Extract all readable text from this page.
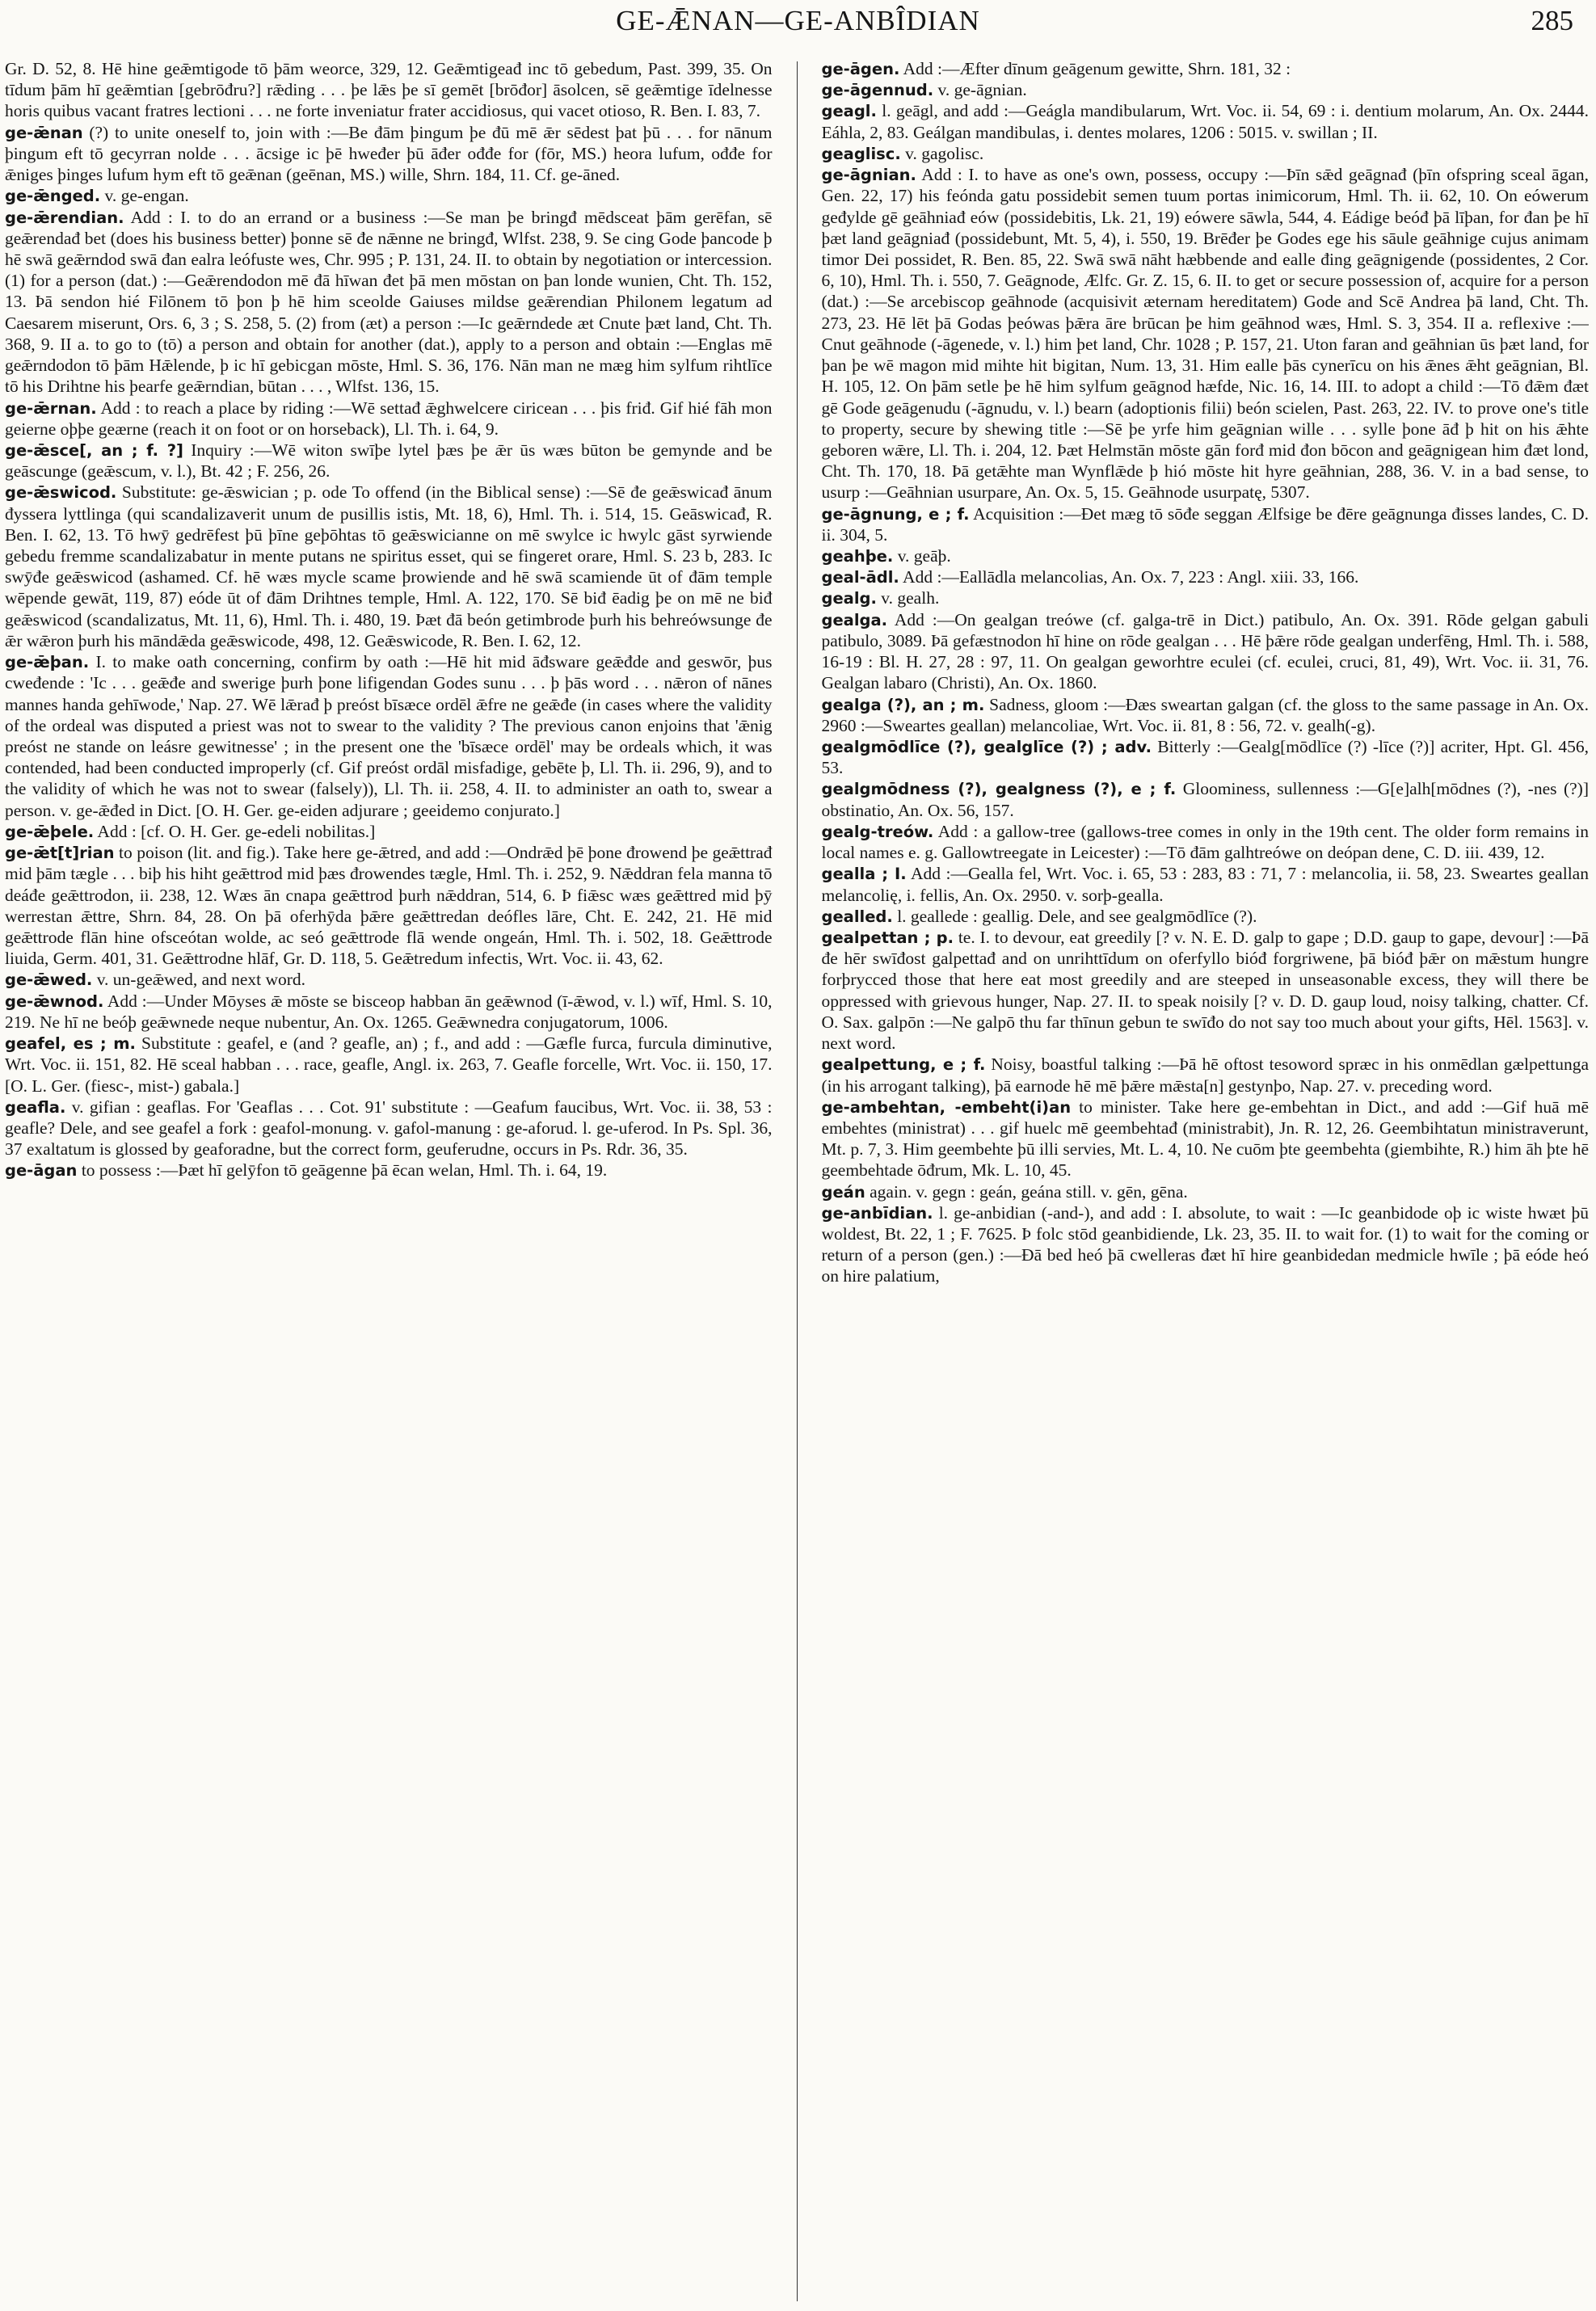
GE-ǢNAN—GE-ANBÎDIAN	285

Gr. D. 52, 8. Hē hine geǣmtigode tō þām weorce, 329, 12. Geǣmtigeađ inc tō gebedum, Past. 399, 35. On tīdum þām hī geǣmtian [gebrōđru?] rǣding . . . þe lǣs þe sī gemēt [brōđor] āsolcen, sē geǣmtige īdelnesse horis quibus vacant fratres lectioni . . . ne forte inveniatur frater accidiosus, qui vacet otioso, R. Ben. I. 83, 7.

ge-ǣnan (?) to unite oneself to, join with :—Be đām þingum þe đū mē ǣr sēdest þat þū . . . for nānum þingum eft tō gecyrran nolde . . . ācsige ic þē hweđer þū āđer ođđe for (fōr, MS.) heora lufum, ođđe for ǣniges þinges lufum hym eft tō geǣnan (geēnan, MS.) wille, Shrn. 184, 11. Cf. ge-āned.

ge-ǣnged. v. ge-engan.

ge-ǣrendian. Add : I. to do an errand or a business :—Se man þe bringđ mēdsceat þām gerēfan, sē geǣrendađ bet (does his business better) þonne sē đe nǣnne ne bringđ, Wlfst. 238, 9. Se cing Gode þancode þ hē swā geǣrndod swā đan ealra leófuste wes, Chr. 995 ; P. 131, 24. II. to obtain by negotiation or intercession. (1) for a person (dat.) :—Geǣrendodon mē đā hīwan đet þā men mōstan on þan londe wunien, Cht. Th. 152, 13. Þā sendon hié Filōnem tō þon þ hē him sceolde Gaiuses mildse geǣrendian Philonem legatum ad Caesarem miserunt, Ors. 6, 3 ; S. 258, 5. (2) from (æt) a person :—Ic geǣrndede æt Cnute þæt land, Cht. Th. 368, 9. II a. to go to (tō) a person and obtain for another (dat.), apply to a person and obtain :—Englas mē geǣrndodon tō þām Hǣlende, þ ic hī gebicgan mōste, Hml. S. 36, 176. Nān man ne mæg him sylfum rihtlīce tō his Drihtne his þearfe geǣrndian, būtan . . . , Wlfst. 136, 15.

ge-ǣrnan. Add : to reach a place by riding :—Wē settađ ǣghwelcere ciricean . . . þis friđ. Gif hié fāh mon geierne oþþe geærne (reach it on foot or on horseback), Ll. Th. i. 64, 9.

ge-ǣsce[, an ; f. ?] Inquiry :—Wē witon swīþe lytel þæs þe ǣr ūs wæs būton be gemynde and be geāscunge (geǣscum, v. l.), Bt. 42 ; F. 256, 26.

ge-ǣswicod. Substitute: ge-ǣswician ; p. ode To offend (in the Biblical sense) :—Sē đe geǣswicađ ānum đyssera lyttlinga (qui scandalizaverit unum de pusillis istis, Mt. 18, 6), Hml. Th. i. 514, 15. Geāswicađ, R. Ben. I. 62, 13. Tō hwȳ gedrēfest þū þīne geþōhtas tō geǣswicianne on mē swylce ic hwylc gāst syrwiende gebedu fremme scandalizabatur in mente putans ne spiritus esset, qui se fingeret orare, Hml. S. 23 b, 283. Ic swȳđe geǣswicod (ashamed. Cf. hē wæs mycle scame þrowiende and hē swā scamiende ūt of đām temple wēpende gewāt, 119, 87) eóde ūt of đām Drihtnes temple, Hml. A. 122, 170. Sē biđ ēadig þe on mē ne biđ geǣswicod (scandalizatus, Mt. 11, 6), Hml. Th. i. 480, 19. Þæt đā beón getimbrode þurh his behreówsunge đe ǣr wǣron þurh his māndǣda geǣswicode, 498, 12. Geǣswicode, R. Ben. I. 62, 12.

ge-ǣþan. I. to make oath concerning, confirm by oath :—Hē hit mid āđsware geǣđde and geswōr, þus cweđende : 'Ic . . . geǣđe and swerige þurh þone lifigendan Godes sunu . . . þ þās word . . . nǣron of nānes mannes handa gehīwode,' Nap. 27. Wē lǣrađ þ preóst bīsæce ordēl ǣfre ne geǣđe (in cases where the validity of the ordeal was disputed a priest was not to swear to the validity ? The previous canon enjoins that 'ǣnig preóst ne stande on leásre gewitnesse' ; in the present one the 'bīsæce ordēl' may be ordeals which, it was contended, had been conducted improperly (cf. Gif preóst ordāl misfadige, gebēte þ, Ll. Th. ii. 296, 9), and to the validity of which he was not to swear (falsely)), Ll. Th. ii. 258, 4. II. to administer an oath to, swear a person. v. ge-ǣđed in Dict. [O. H. Ger. ge-eiden adjurare ; geeidemo conjurato.]

ge-ǣþele. Add : [cf. O. H. Ger. ge-edeli nobilitas.]

ge-ǣt[t]rian to poison (lit. and fig.). Take here ge-ǣtred, and add :—Ondrǣd þē þone đrowend þe geǣttrađ mid þām tægle . . . biþ his hiht geǣttrod mid þæs đrowendes tægle, Hml. Th. i. 252, 9. Nǣddran fela manna tō deáđe geǣttrodon, ii. 238, 12. Wæs ān cnapa geǣttrod þurh nǣddran, 514, 6. Þ fiǣsc wæs geǣttred mid þȳ werrestan ǣttre, Shrn. 84, 28. On þā oferhȳda þǣre geǣttredan deófles lāre, Cht. E. 242, 21. Hē mid geǣttrode flān hine ofsceótan wolde, ac seó geǣttrode flā wende ongeán, Hml. Th. i. 502, 18. Geǣttrode liuida, Germ. 401, 31. Geǣttrodne hlāf, Gr. D. 118, 5. Geǣtredum infectis, Wrt. Voc. ii. 43, 62.

ge-ǣwed. v. un-geǣwed, and next word.

ge-ǣwnod. Add :—Under Mōyses ǣ mōste se bisceop habban ān geǣwnod (ī-ǣwod, v. l.) wīf, Hml. S. 10, 219. Ne hī ne beóþ geǣwnede neque nubentur, An. Ox. 1265. Geǣwnedra conjugatorum, 1006.

geafel, es ; m. Substitute : geafel, e (and ? geafle, an) ; f., and add : —Gæfle furca, furcula diminutive, Wrt. Voc. ii. 151, 82. Hē sceal habban . . . race, geafle, Angl. ix. 263, 7. Geafle forcelle, Wrt. Voc. ii. 150, 17. [O. L. Ger. (fiesc-, mist-) gabala.]

geafla. v. gifian : geaflas. For 'Geaflas . . . Cot. 91' substitute : —Geafum faucibus, Wrt. Voc. ii. 38, 53 : geafle? Dele, and see geafel a fork : geafol-monung. v. gafol-manung : ge-aforud. l. ge-uferod. In Ps. Spl. 36, 37 exaltatum is glossed by geaforadne, but the correct form, geuferudne, occurs in Ps. Rdr. 36, 35.

ge-āgan to possess :—Þæt hī gelȳfon tō geāgenne þā ēcan welan, Hml. Th. i. 64, 19.

ge-āgen. Add :—Æfter dīnum geāgenum gewitte, Shrn. 181, 32 :

ge-āgennud. v. ge-āgnian.

geagl. l. geāgl, and add :—Geágla mandibularum, Wrt. Voc. ii. 54, 69 : i. dentium molarum, An. Ox. 2444. Eáhla, 2, 83. Geálgan mandibulas, i. dentes molares, 1206 : 5015. v. swillan ; II.

geaglisc. v. gagolisc.

ge-āgnian. Add : I. to have as one's own, possess, occupy :—Þīn sǣd geāgnađ (þīn ofspring sceal āgan, Gen. 22, 17) his feónda gatu possidebit semen tuum portas inimicorum, Hml. Th. ii. 62, 10. On eówerum geđylde gē geāhniađ eów (possidebitis, Lk. 21, 19) eówere sāwla, 544, 4. Eádige beóđ þā līþan, for đan þe hī þæt land geāgniađ (possidebunt, Mt. 5, 4), i. 550, 19. Brēđer þe Godes ege his sāule geāhnige cujus animam timor Dei possidet, R. Ben. 85, 22. Swā swā nāht hæbbende and ealle đing geāgnigende (possidentes, 2 Cor. 6, 10), Hml. Th. i. 550, 7. Geāgnode, Ælfc. Gr. Z. 15, 6. II. to get or secure possession of, acquire for a person (dat.) :—Se arcebiscop geāhnode (acquisivit æternam hereditatem) Gode and Scē Andrea þā land, Cht. Th. 273, 23. Hē lēt þā Godas þeówas þǣra āre brūcan þe him geāhnod wæs, Hml. S. 3, 354. II a. reflexive :—Cnut geāhnode (-āgenede, v. l.) him þet land, Chr. 1028 ; P. 157, 21. Uton faran and geāhnian ūs þæt land, for þan þe wē magon mid mihte hit bigitan, Num. 13, 31. Him ealle þās cynerīcu on his ǣnes ǣht geāgnian, Bl. H. 105, 12. On þām setle þe hē him sylfum geāgnod hæfde, Nic. 16, 14. III. to adopt a child :—Tō đǣm đæt gē Gode geāgenudu (-āgnudu, v. l.) bearn (adoptionis filii) beón scielen, Past. 263, 22. IV. to prove one's title to property, secure by shewing title :—Sē þe yrfe him geāgnian wille . . . sylle þone āđ þ hit on his ǣhte geboren wǣre, Ll. Th. i. 204, 12. Þæt Helmstān mōste gān forđ mid đon bōcon and geāgnigean him đæt lond, Cht. Th. 170, 18. Þā getǣhte man Wynflǣde þ hió mōste hit hyre geāhnian, 288, 36. V. in a bad sense, to usurp :—Geāhnian usurpare, An. Ox. 5, 15. Geāhnode usurpatę, 5307.

ge-āgnung, e ; f. Acquisition :—Đet mæg tō sōđe seggan Ælfsige be đēre geāgnunga đisses landes, C. D. ii. 304, 5.

geahþe. v. geāþ.

geal-ādl. Add :—Eallādla melancolias, An. Ox. 7, 223 : Angl. xiii. 33, 166.

gealg. v. gealh.

gealga. Add :—On gealgan treówe (cf. galga-trē in Dict.) patibulo, An. Ox. 391. Rōde gelgan gabuli patibulo, 3089. Þā gefæstnodon hī hine on rōde gealgan . . . Hē þǣre rōde gealgan underfēng, Hml. Th. i. 588, 16-19 : Bl. H. 27, 28 : 97, 11. On gealgan geworhtre eculei (cf. eculei, cruci, 81, 49), Wrt. Voc. ii. 31, 76. Gealgan labaro (Christi), An. Ox. 1860.

gealga (?), an ; m. Sadness, gloom :—Đæs sweartan galgan (cf. the gloss to the same passage in An. Ox. 2960 :—Sweartes geallan) melancoliae, Wrt. Voc. ii. 81, 8 : 56, 72. v. gealh(-g).

gealgmōdlīce (?), gealglīce (?) ; adv. Bitterly :—Gealg[mōdlīce (?) -līce (?)] acriter, Hpt. Gl. 456, 53.

gealgmōdness (?), gealgness (?), e ; f. Gloominess, sullenness :—G[e]alh[mōdnes (?), -nes (?)] obstinatio, An. Ox. 56, 157.

gealg-treów. Add : a gallow-tree (gallows-tree comes in only in the 19th cent. The older form remains in local names e. g. Gallowtreegate in Leicester) :—Tō đām galhtreówe on deópan dene, C. D. iii. 439, 12.

gealla ; I. Add :—Gealla fel, Wrt. Voc. i. 65, 53 : 283, 83 : 71, 7 : melancolia, ii. 58, 23. Sweartes geallan melancolię, i. fellis, An. Ox. 2950. v. sorþ-gealla.

gealled. l. geallede : geallig. Dele, and see gealgmōdlīce (?).

gealpettan ; p. te. I. to devour, eat greedily [? v. N. E. D. galp to gape ; D.D. gaup to gape, devour] :—Þā đe hēr swīđost galpettađ and on unrihttīdum on oferfyllo bióđ forgriwene, þā bióđ þǣr on mǣstum hungre forþrycced those that here eat most greedily and are steeped in unseasonable excess, they will there be oppressed with grievous hunger, Nap. 27. II. to speak noisily [? v. D. D. gaup loud, noisy talking, chatter. Cf. O. Sax. galpōn :—Ne galpō thu far thīnun gebun te swīđo do not say too much about your gifts, Hēl. 1563]. v. next word.

gealpettung, e ; f. Noisy, boastful talking :—Þā hē oftost tesoword spræc in his onmēdlan gælpettunga (in his arrogant talking), þā earnode hē mē þǣre mǣsta[n] gestynþo, Nap. 27. v. preceding word.

ge-ambehtan, -embeht(i)an to minister. Take here ge-embehtan in Dict., and add :—Gif huā mē embehtes (ministrat) . . . gif huelc mē geembehtađ (ministrabit), Jn. R. 12, 26. Geembihtatun ministraverunt, Mt. p. 7, 3. Him geembehte þū illi servies, Mt. L. 4, 10. Ne cuōm þte geembehta (giembihte, R.) him āh þte hē geembehtade ōđrum, Mk. L. 10, 45.

geán again. v. gegn : geán, geána still. v. gēn, gēna.

ge-anbīdian. l. ge-anbidian (-and-), and add : I. absolute, to wait : —Ic geanbidode oþ ic wiste hwæt þū woldest, Bt. 22, 1 ; F. 7625. Þ folc stōd geanbidiende, Lk. 23, 35. II. to wait for. (1) to wait for the coming or return of a person (gen.) :—Đā bed heó þā cwelleras đæt hī hire geanbidedan medmicle hwīle ; þā eóde heó on hire palatium,
